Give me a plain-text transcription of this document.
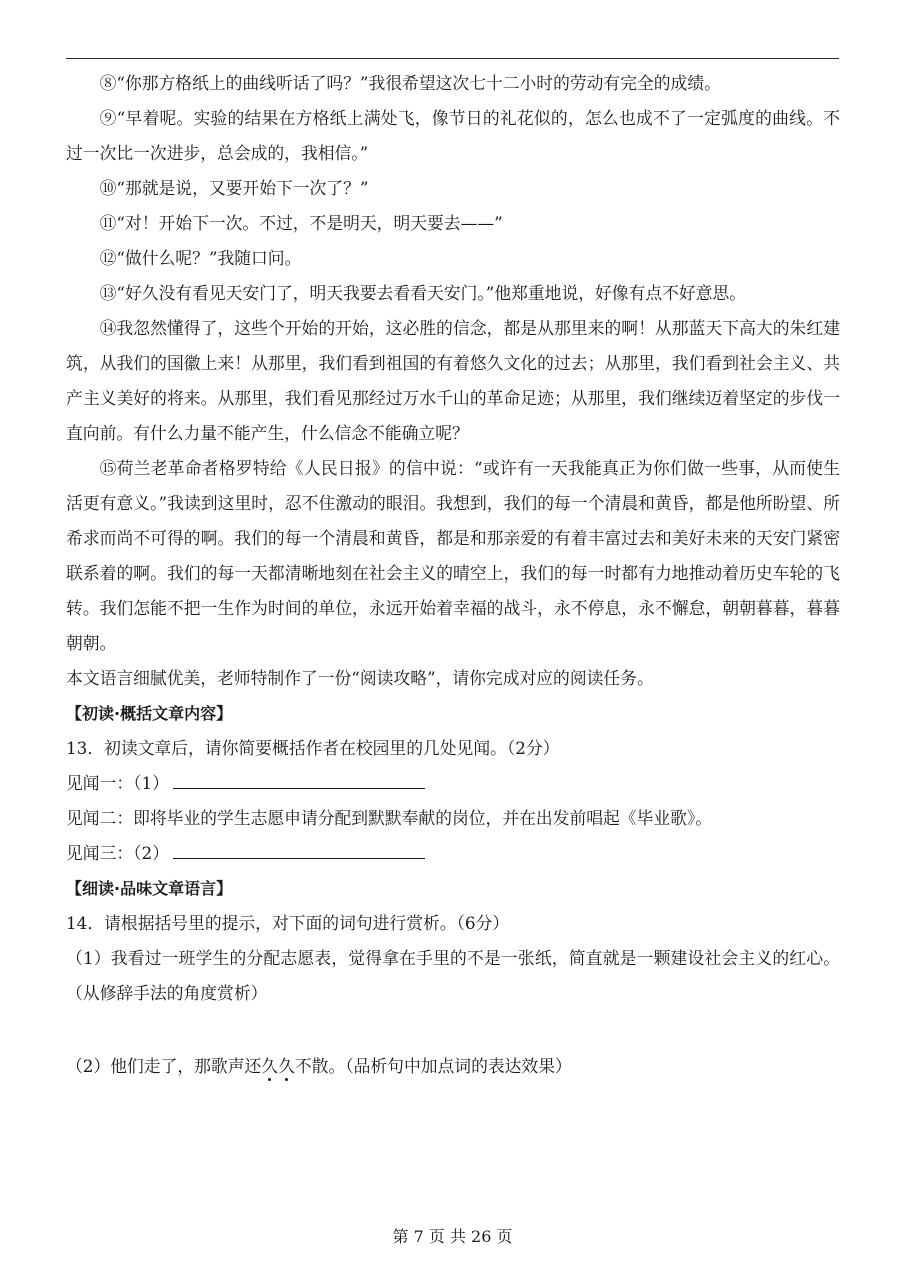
⑧“你那方格纸上的曲线听话了吗？”我很希望这次七十二小时的劳动有完全的成绩。

⑨“早着呢。实验的结果在方格纸上满处飞，像节日的礼花似的，怎么也成不了一定弧度的曲线。不过一次比一次进步，总会成的，我相信。”

⑩“那就是说，又要开始下一次了？”

⑪“对！开始下一次。不过，不是明天，明天要去——”

⑫“做什么呢？”我随口问。

⑬“好久没有看见天安门了，明天我要去看看天安门。”他郑重地说，好像有点不好意思。

⑭我忽然懂得了，这些个开始的开始，这必胜的信念，都是从那里来的啊！从那蓝天下高大的朱红建筑，从我们的国徽上来！从那里，我们看到祖国的有着悠久文化的过去；从那里，我们看到社会主义、共产主义美好的将来。从那里，我们看见那经过万水千山的革命足迹；从那里，我们继续迈着坚定的步伐一直向前。有什么力量不能产生，什么信念不能确立呢？

⑮荷兰老革命者格罗特给《人民日报》的信中说：“或许有一天我能真正为你们做一些事，从而使生活更有意义。”我读到这里时，忍不住激动的眼泪。我想到，我们的每一个清晨和黄昏，都是他所盼望、所希求而尚不可得的啊。我们的每一个清晨和黄昏，都是和那亲爱的有着丰富过去和美好未来的天安门紧密联系着的啊。我们的每一天都清晰地刻在社会主义的晴空上，我们的每一时都有力地推动着历史车轮的飞转。我们怎能不把一生作为时间的单位，永远开始着幸福的战斗，永不停息，永不懈怠，朝朝暮暮，暮暮朝朝。

本文语言细腻优美，老师特制作了一份“阅读攻略”，请你完成对应的阅读任务。

【初读·概括文章内容】

13．初读文章后，请你简要概括作者在校园里的几处见闻。（2分）

见闻一：（1）

见闻二：即将毕业的学生志愿申请分配到默默奉献的岗位，并在出发前唱起《毕业歌》。

见闻三：（2）

【细读·品味文章语言】

14．请根据括号里的提示，对下面的词句进行赏析。（6分）

（1）我看过一班学生的分配志愿表，觉得拿在手里的不是一张纸，简直就是一颗建设社会主义的红心。（从修辞手法的角度赏析）

（2）他们走了，那歌声还久久不散。（品析句中加点词的表达效果）

第 7 页 共 26 页
